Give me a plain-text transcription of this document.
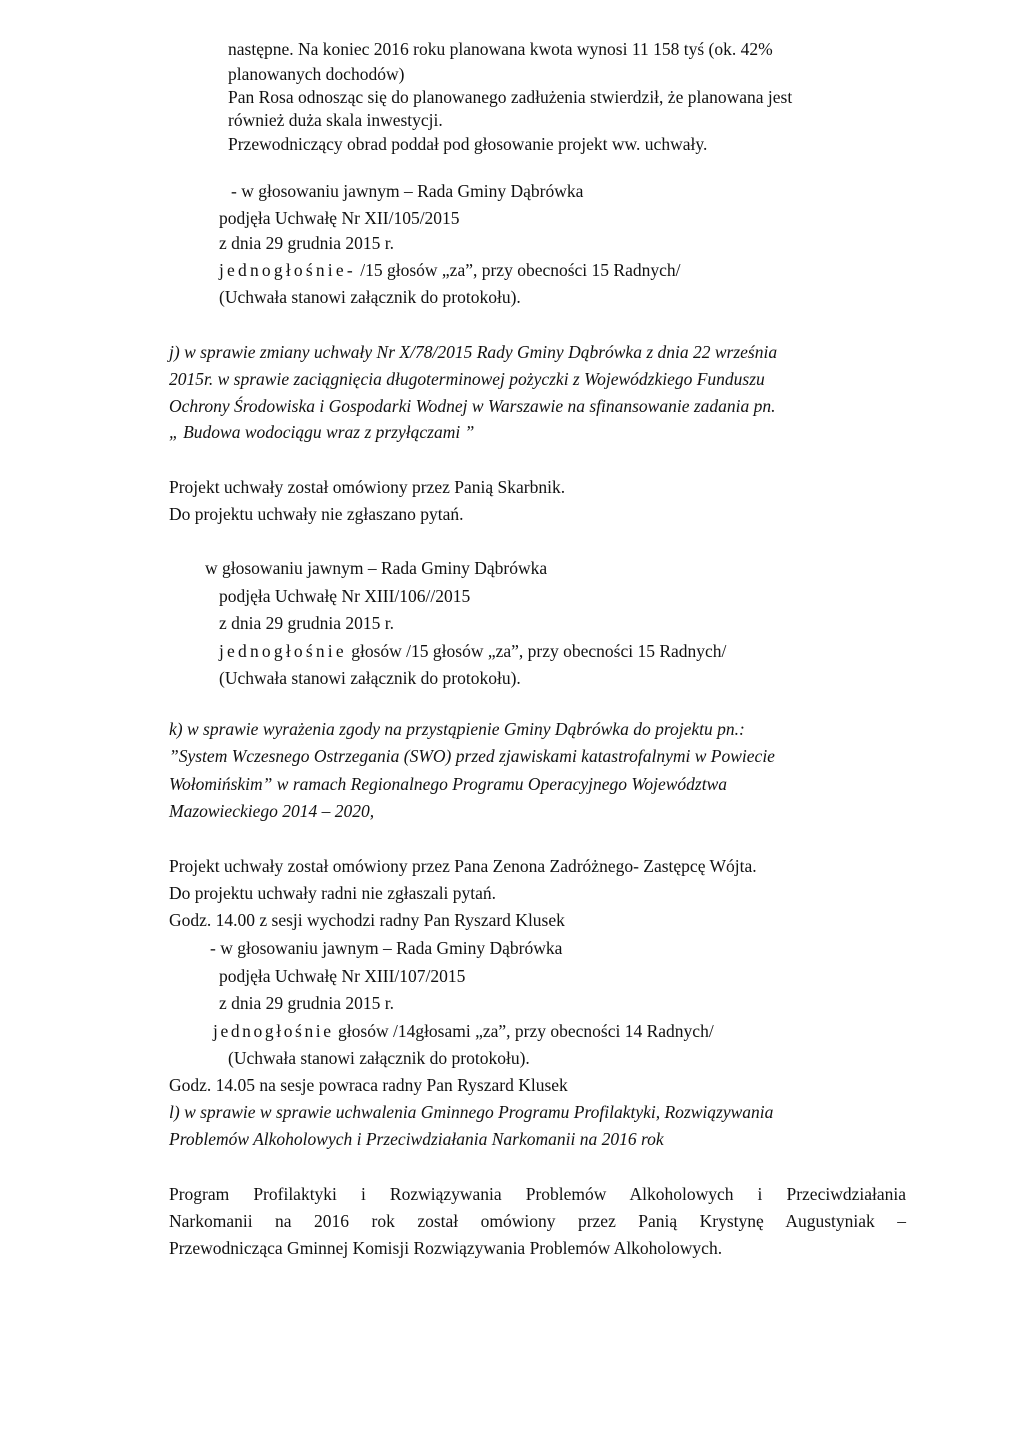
następne. Na koniec 2016 roku planowana kwota wynosi 11 158 tyś (ok. 42%

planowanych dochodów)

Pan Rosa odnosząc się do planowanego zadłużenia stwierdził, że planowana jest

również duża skala inwestycji.

Przewodniczący obrad poddał pod głosowanie projekt ww. uchwały.

- w głosowaniu jawnym – Rada Gminy Dąbrówka

podjęła Uchwałę Nr XII/105/2015

z dnia 29 grudnia 2015 r.

jednogłośnie- /15 głosów „za”, przy obecności 15 Radnych/

(Uchwała stanowi załącznik do protokołu).

j) w sprawie zmiany uchwały Nr X/78/2015 Rady Gminy Dąbrówka z dnia 22 września

2015r. w sprawie zaciągnięcia długoterminowej pożyczki z Wojewódzkiego Funduszu

Ochrony Środowiska i Gospodarki Wodnej w Warszawie na sfinansowanie zadania pn.

„ Budowa wodociągu wraz z przyłączami ”

Projekt uchwały został omówiony przez Panią Skarbnik.

Do projektu uchwały nie zgłaszano pytań.

w głosowaniu jawnym – Rada Gminy Dąbrówka

podjęła Uchwałę Nr XIII/106//2015

z dnia 29 grudnia 2015 r.

jednogłośnie głosów /15 głosów „za”, przy obecności 15 Radnych/

(Uchwała stanowi załącznik do protokołu).

k) w sprawie wyrażenia zgody na przystąpienie Gminy Dąbrówka do projektu pn.:

”System Wczesnego Ostrzegania (SWO) przed zjawiskami katastrofalnymi w Powiecie

Wołomińskim” w ramach Regionalnego Programu Operacyjnego Województwa

Mazowieckiego 2014 – 2020,

Projekt uchwały został omówiony przez Pana Zenona Zadróżnego- Zastępcę Wójta.

Do projektu uchwały radni nie zgłaszali pytań.

Godz. 14.00 z sesji wychodzi radny Pan Ryszard Klusek

- w głosowaniu jawnym – Rada Gminy Dąbrówka

podjęła Uchwałę Nr XIII/107/2015

z dnia 29 grudnia 2015 r.

jednogłośnie głosów /14głosami „za”, przy obecności 14 Radnych/

(Uchwała stanowi załącznik do protokołu).

Godz. 14.05 na sesje powraca radny Pan Ryszard Klusek

l) w sprawie w sprawie uchwalenia Gminnego Programu Profilaktyki, Rozwiązywania

Problemów Alkoholowych i Przeciwdziałania Narkomanii na 2016 rok

Program Profilaktyki i Rozwiązywania Problemów Alkoholowych i Przeciwdziałania

Narkomanii na 2016 rok został omówiony przez Panią Krystynę Augustyniak –

Przewodnicząca Gminnej Komisji Rozwiązywania Problemów Alkoholowych.
